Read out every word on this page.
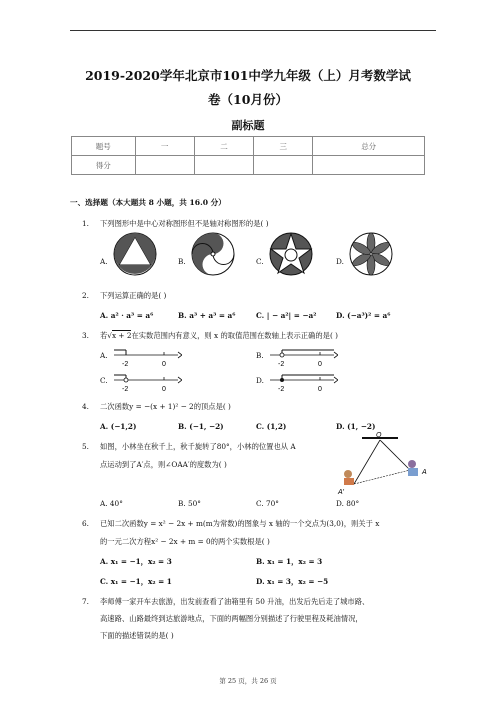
2019-2020学年北京市101中学九年级（上）月考数学试
卷（10月份）
副标题
题号	一	二	三	总分
得分				
一、选择题（本大题共 8 小题，共 16.0 分）
1. 下列图形中是中心对称图形但不是轴对称图形的是( )
A.	B.	C.	D.
2. 下列运算正确的是( )
A. a² · a³ = a⁶	B. a³ + a³ = a⁶	C. | − a²| = −a²	D. (−a³)² = a⁶
3. 若√x + 2在实数范围内有意义，则 x 的取值范围在数轴上表示正确的是( )
A.
-2	0
B.
-2	0
C.
-2	0
D.
-2	0
4. 二次函数y = −(x + 1)² − 2的顶点是( )
A. (−1,2)	B. (−1, −2)	C. (1,2)	D. (1, −2)
5. 如图，小林坐在秋千上，秋千旋转了80°，小林的位置也从 A
点运动到了A′点，则∠OAA′的度数为( )
O
A
A′
A. 40°	B. 50°	C. 70°	D. 80°
6. 已知二次函数y = x² − 2x + m(m为常数)的图象与 x 轴的一个交点为(3,0)，则关于 x
的一元二次方程x² − 2x + m = 0的两个实数根是( )
A. x₁ = −1，x₂ = 3	B. x₁ = 1，x₂ = 3
C. x₁ = −1，x₂ = 1	D. x₁ = 3，x₂ = −5
7. 李师傅一家开车去旅游，出发前查看了油箱里有 50 升油，出发后先后走了城市路、
高速路、山路最终到达旅游地点，下面的两幅图分别描述了行驶里程及耗油情况，
下面的描述错误的是( )
第 25 页，共 26 页
